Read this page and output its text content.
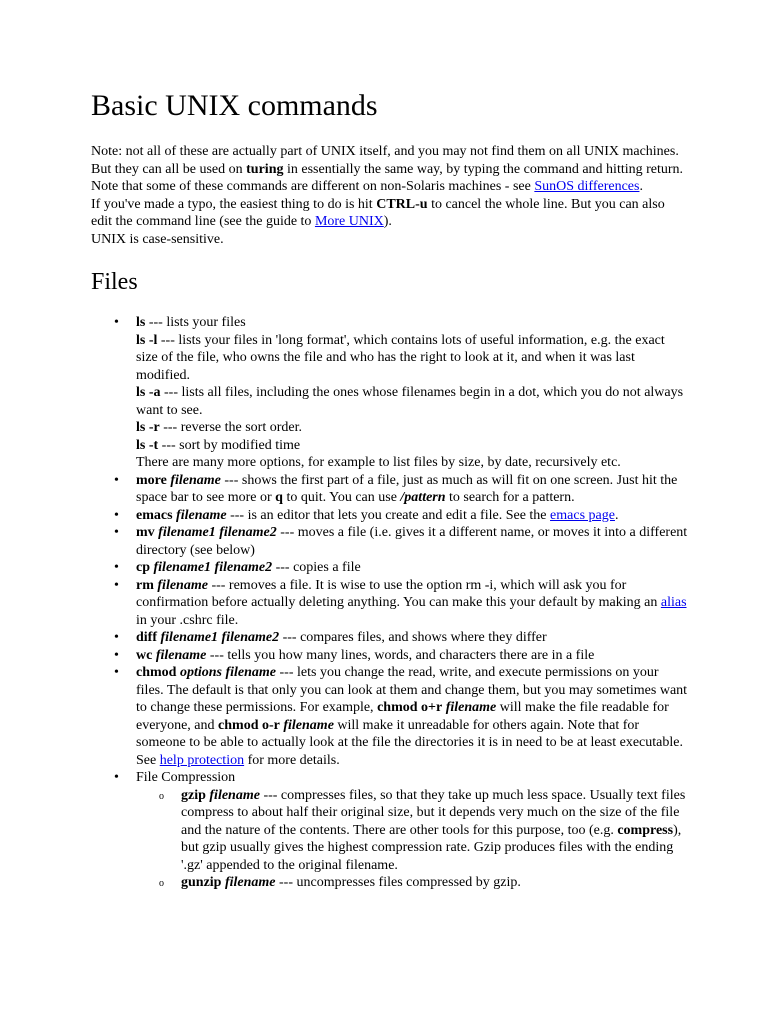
Basic UNIX commands

Note: not all of these are actually part of UNIX itself, and you may not find them on all UNIX machines. But they can all be used on turing in essentially the same way, by typing the command and hitting return. Note that some of these commands are different on non-Solaris machines - see SunOS differences.
If you've made a typo, the easiest thing to do is hit CTRL-u to cancel the whole line. But you can also edit the command line (see the guide to More UNIX).
UNIX is case-sensitive.

Files
• ls --- lists your files
ls -l --- lists your files in 'long format', which contains lots of useful information, e.g. the exact size of the file, who owns the file and who has the right to look at it, and when it was last modified.
ls -a --- lists all files, including the ones whose filenames begin in a dot, which you do not always want to see.
ls -r --- reverse the sort order.
ls -t --- sort by modified time
There are many more options, for example to list files by size, by date, recursively etc.
• more filename --- shows the first part of a file, just as much as will fit on one screen. Just hit the space bar to see more or q to quit. You can use /pattern to search for a pattern.
• emacs filename --- is an editor that lets you create and edit a file. See the emacs page.
• mv filename1 filename2 --- moves a file (i.e. gives it a different name, or moves it into a different directory (see below)
• cp filename1 filename2 --- copies a file
• rm filename --- removes a file. It is wise to use the option rm -i, which will ask you for confirmation before actually deleting anything. You can make this your default by making an alias in your .cshrc file.
• diff filename1 filename2 --- compares files, and shows where they differ
• wc filename --- tells you how many lines, words, and characters there are in a file
• chmod options filename --- lets you change the read, write, and execute permissions on your files. The default is that only you can look at them and change them, but you may sometimes want to change these permissions. For example, chmod o+r filename will make the file readable for everyone, and chmod o-r filename will make it unreadable for others again. Note that for someone to be able to actually look at the file the directories it is in need to be at least executable. See help protection for more details.
• File Compression
o gzip filename --- compresses files, so that they take up much less space. Usually text files compress to about half their original size, but it depends very much on the size of the file and the nature of the contents. There are other tools for this purpose, too (e.g. compress), but gzip usually gives the highest compression rate. Gzip produces files with the ending '.gz' appended to the original filename.
o gunzip filename --- uncompresses files compressed by gzip.
